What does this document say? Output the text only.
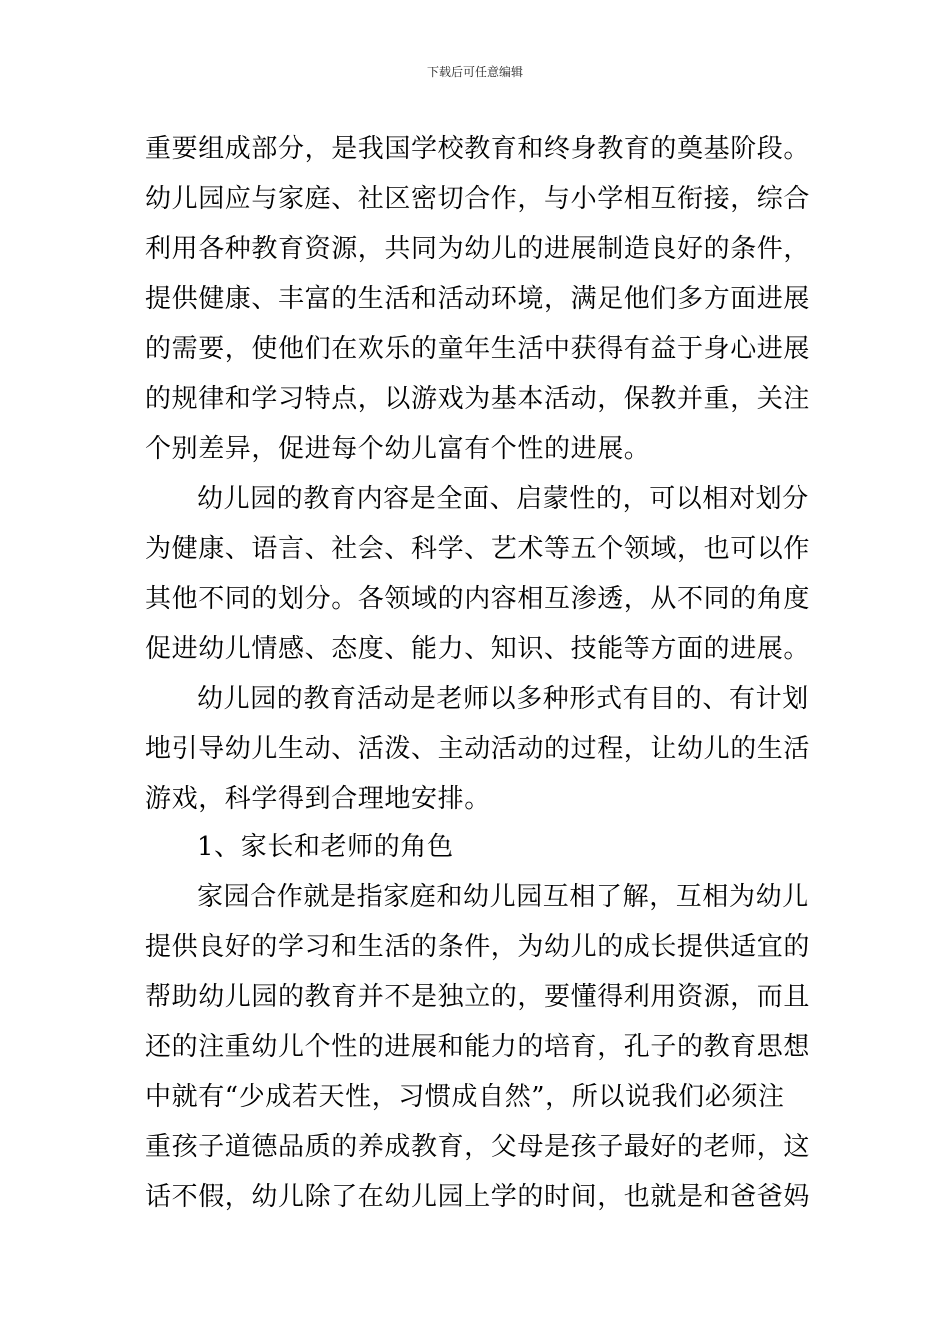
下载后可任意编辑
重要组成部分，是我国学校教育和终身教育的奠基阶段。
幼儿园应与家庭、社区密切合作，与小学相互衔接，综合
利用各种教育资源，共同为幼儿的进展制造良好的条件，
提供健康、丰富的生活和活动环境，满足他们多方面进展
的需要，使他们在欢乐的童年生活中获得有益于身心进展
的规律和学习特点，以游戏为基本活动，保教并重，关注
个别差异，促进每个幼儿富有个性的进展。
幼儿园的教育内容是全面、启蒙性的，可以相对划分
为健康、语言、社会、科学、艺术等五个领域，也可以作
其他不同的划分。各领域的内容相互渗透，从不同的角度
促进幼儿情感、态度、能力、知识、技能等方面的进展。
幼儿园的教育活动是老师以多种形式有目的、有计划
地引导幼儿生动、活泼、主动活动的过程，让幼儿的生活
游戏，科学得到合理地安排。
1、家长和老师的角色
家园合作就是指家庭和幼儿园互相了解，互相为幼儿
提供良好的学习和生活的条件，为幼儿的成长提供适宜的
帮助幼儿园的教育并不是独立的，要懂得利用资源，而且
还的注重幼儿个性的进展和能力的培育，孔子的教育思想
中就有“少成若天性，习惯成自然”，所以说我们必须注
重孩子道德品质的养成教育，父母是孩子最好的老师，这
话不假，幼儿除了在幼儿园上学的时间，也就是和爸爸妈
